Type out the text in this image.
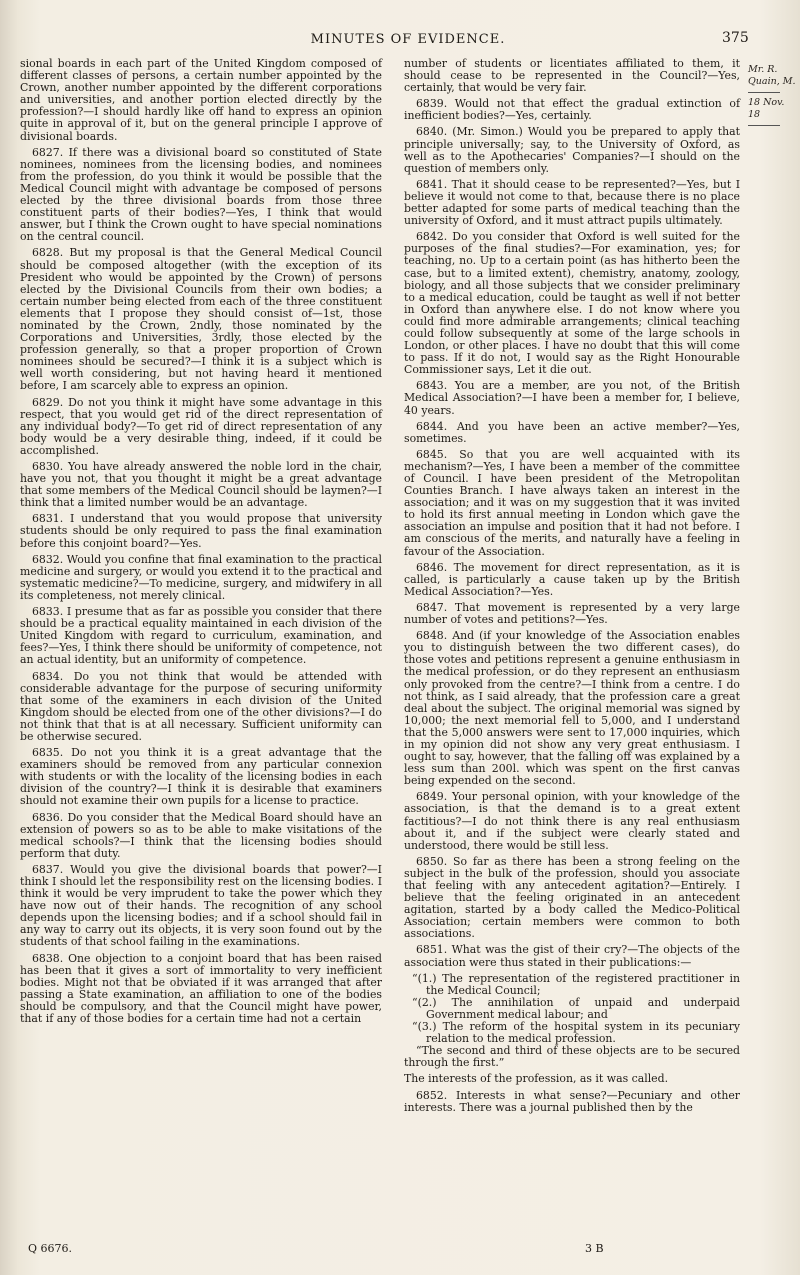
MINUTES OF EVIDENCE.	375

sional boards in each part of the United Kingdom composed of different classes of persons, a certain number appointed by the Crown, another number appointed by the different corporations and universities, and another portion elected directly by the profession?—I should hardly like off hand to express an opinion quite in approval of it, but on the general principle I approve of divisional boards.

6827. If there was a divisional board so constituted of State nominees, nominees from the licensing bodies, and nominees from the profession, do you think it would be possible that the Medical Council might with advantage be composed of persons elected by the three divisional boards from those three constituent parts of their bodies?—Yes, I think that would answer, but I think the Crown ought to have special nominations on the central council.

6828. But my proposal is that the General Medical Council should be composed altogether (with the exception of its President who would be appointed by the Crown) of persons elected by the Divisional Councils from their own bodies; a certain number being elected from each of the three constituent elements that I propose they should consist of—1st, those nominated by the Crown, 2ndly, those nominated by the Corporations and Universities, 3rdly, those elected by the profession generally, so that a proper proportion of Crown nominees should be secured?—I think it is a subject which is well worth considering, but not having heard it mentioned before, I am scarcely able to express an opinion.

6829. Do not you think it might have some advantage in this respect, that you would get rid of the direct representation of any individual body?—To get rid of direct representation of any body would be a very desirable thing, indeed, if it could be accomplished.

6830. You have already answered the noble lord in the chair, have you not, that you thought it might be a great advantage that some members of the Medical Council should be laymen?—I think that a limited number would be an advantage.

6831. I understand that you would propose that university students should be only required to pass the final examination before this conjoint board?—Yes.

6832. Would you confine that final examination to the practical medicine and surgery, or would you extend it to the practical and systematic medicine?—To medicine, surgery, and midwifery in all its completeness, not merely clinical.

6833. I presume that as far as possible you consider that there should be a practical equality maintained in each division of the United Kingdom with regard to curriculum, examination, and fees?—Yes, I think there should be uniformity of competence, not an actual identity, but an uniformity of competence.

6834. Do you not think that would be attended with considerable advantage for the purpose of securing uniformity that some of the examiners in each division of the United Kingdom should be elected from one of the other divisions?—I do not think that that is at all necessary. Sufficient uniformity can be otherwise secured.

6835. Do not you think it is a great advantage that the examiners should be removed from any particular connexion with students or with the locality of the licensing bodies in each division of the country?—I think it is desirable that examiners should not examine their own pupils for a license to practice.

6836. Do you consider that the Medical Board should have an extension of powers so as to be able to make visitations of the medical schools?—I think that the licensing bodies should perform that duty.

6837. Would you give the divisional boards that power?—I think I should let the responsibility rest on the licensing bodies. I think it would be very imprudent to take the power which they have now out of their hands. The recognition of any school depends upon the licensing bodies; and if a school should fail in any way to carry out its objects, it is very soon found out by the students of that school failing in the examinations.

6838. One objection to a conjoint board that has been raised has been that it gives a sort of immortality to very inefficient bodies. Might not that be obviated if it was arranged that after passing a State examination, an affiliation to one of the bodies should be compulsory, and that the Council might have power, that if any of those bodies for a certain time had not a certain

number of students or licentiates affiliated to them, it should cease to be represented in the Council?—Yes, certainly, that would be very fair.

6839. Would not that effect the gradual extinction of inefficient bodies?—Yes, certainly.

6840. (Mr. Simon.) Would you be prepared to apply that principle universally; say, to the University of Oxford, as well as to the Apothecaries' Companies?—I should on the question of members only.

6841. That it should cease to be represented?—Yes, but I believe it would not come to that, because there is no place better adapted for some parts of medical teaching than the university of Oxford, and it must attract pupils ultimately.

6842. Do you consider that Oxford is well suited for the purposes of the final studies?—For examination, yes; for teaching, no. Up to a certain point (as has hitherto been the case, but to a limited extent), chemistry, anatomy, zoology, biology, and all those subjects that we consider preliminary to a medical education, could be taught as well if not better in Oxford than anywhere else. I do not know where you could find more admirable arrangements; clinical teaching could follow subsequently at some of the large schools in London, or other places. I have no doubt that this will come to pass. If it do not, I would say as the Right Honourable Commissioner says, Let it die out.

6843. You are a member, are you not, of the British Medical Association?—I have been a member for, I believe, 40 years.

6844. And you have been an active member?—Yes, sometimes.

6845. So that you are well acquainted with its mechanism?—Yes, I have been a member of the committee of Council. I have been president of the Metropolitan Counties Branch. I have always taken an interest in the association; and it was on my suggestion that it was invited to hold its first annual meeting in London which gave the association an impulse and position that it had not before. I am conscious of the merits, and naturally have a feeling in favour of the Association.

6846. The movement for direct representation, as it is called, is particularly a cause taken up by the British Medical Association?—Yes.

6847. That movement is represented by a very large number of votes and petitions?—Yes.

6848. And (if your knowledge of the Association enables you to distinguish between the two different cases), do those votes and petitions represent a genuine enthusiasm in the medical profession, or do they represent an enthusiasm only provoked from the centre?—I think from a centre. I do not think, as I said already, that the profession care a great deal about the subject. The original memorial was signed by 10,000; the next memorial fell to 5,000, and I understand that the 5,000 answers were sent to 17,000 inquiries, which in my opinion did not show any very great enthusiasm. I ought to say, however, that the falling off was explained by a less sum than 200l. which was spent on the first canvas being expended on the second.

6849. Your personal opinion, with your knowledge of the association, is that the demand is to a great extent factitious?—I do not think there is any real enthusiasm about it, and if the subject were clearly stated and understood, there would be still less.

6850. So far as there has been a strong feeling on the subject in the bulk of the profession, should you associate that feeling with any antecedent agitation?—Entirely. I believe that the feeling originated in an antecedent agitation, started by a body called the Medico-Political Association; certain members were common to both associations.

6851. What was the gist of their cry?—The objects of the association were thus stated in their publications:—

“(1.) The representation of the registered practitioner in the Medical Council;
“(2.) The annihilation of unpaid and underpaid Government medical labour; and
“(3.) The reform of the hospital system in its pecuniary relation to the medical profession.

“The second and third of these objects are to be secured through the first.”

The interests of the profession, as it was called.

6852. Interests in what sense?—Pecuniary and other interests. There was a journal published then by the

Mr. R. Quain, M.
18 Nov. 18
Q 6676.	3 B
